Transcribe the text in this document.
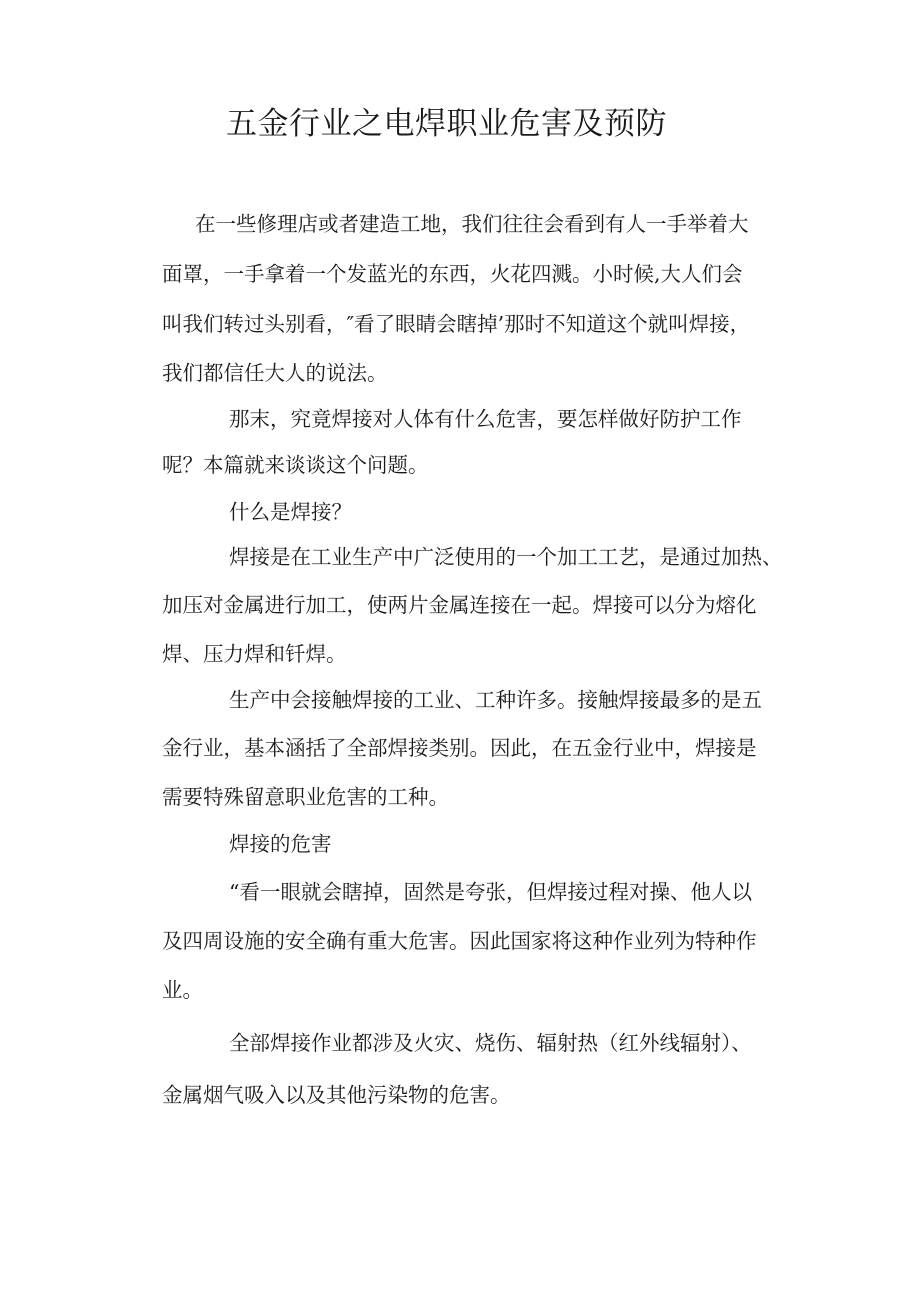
五金行业之电焊职业危害及预防
在一些修理店或者建造工地，我们往往会看到有人一手举着大
面罩，一手拿着一个发蓝光的东西，火花四溅。小时候,大人们会
叫我们转过头别看，″看了眼睛会瞎掉’那时不知道这个就叫焊接，
我们都信任大人的说法。
那末，究竟焊接对人体有什么危害，要怎样做好防护工作
呢？本篇就来谈谈这个问题。
什么是焊接？
焊接是在工业生产中广泛使用的一个加工工艺，是通过加热、
加压对金属进行加工，使两片金属连接在一起。焊接可以分为熔化
焊、压力焊和钎焊。
生产中会接触焊接的工业、工种许多。接触焊接最多的是五
金行业，基本涵括了全部焊接类别。因此，在五金行业中，焊接是
需要特殊留意职业危害的工种。
焊接的危害
“看一眼就会瞎掉，固然是夸张，但焊接过程对操、他人以
及四周设施的安全确有重大危害。因此国家将这种作业列为特种作
业。
全部焊接作业都涉及火灾、烧伤、辐射热（红外线辐射）、
金属烟气吸入以及其他污染物的危害。
